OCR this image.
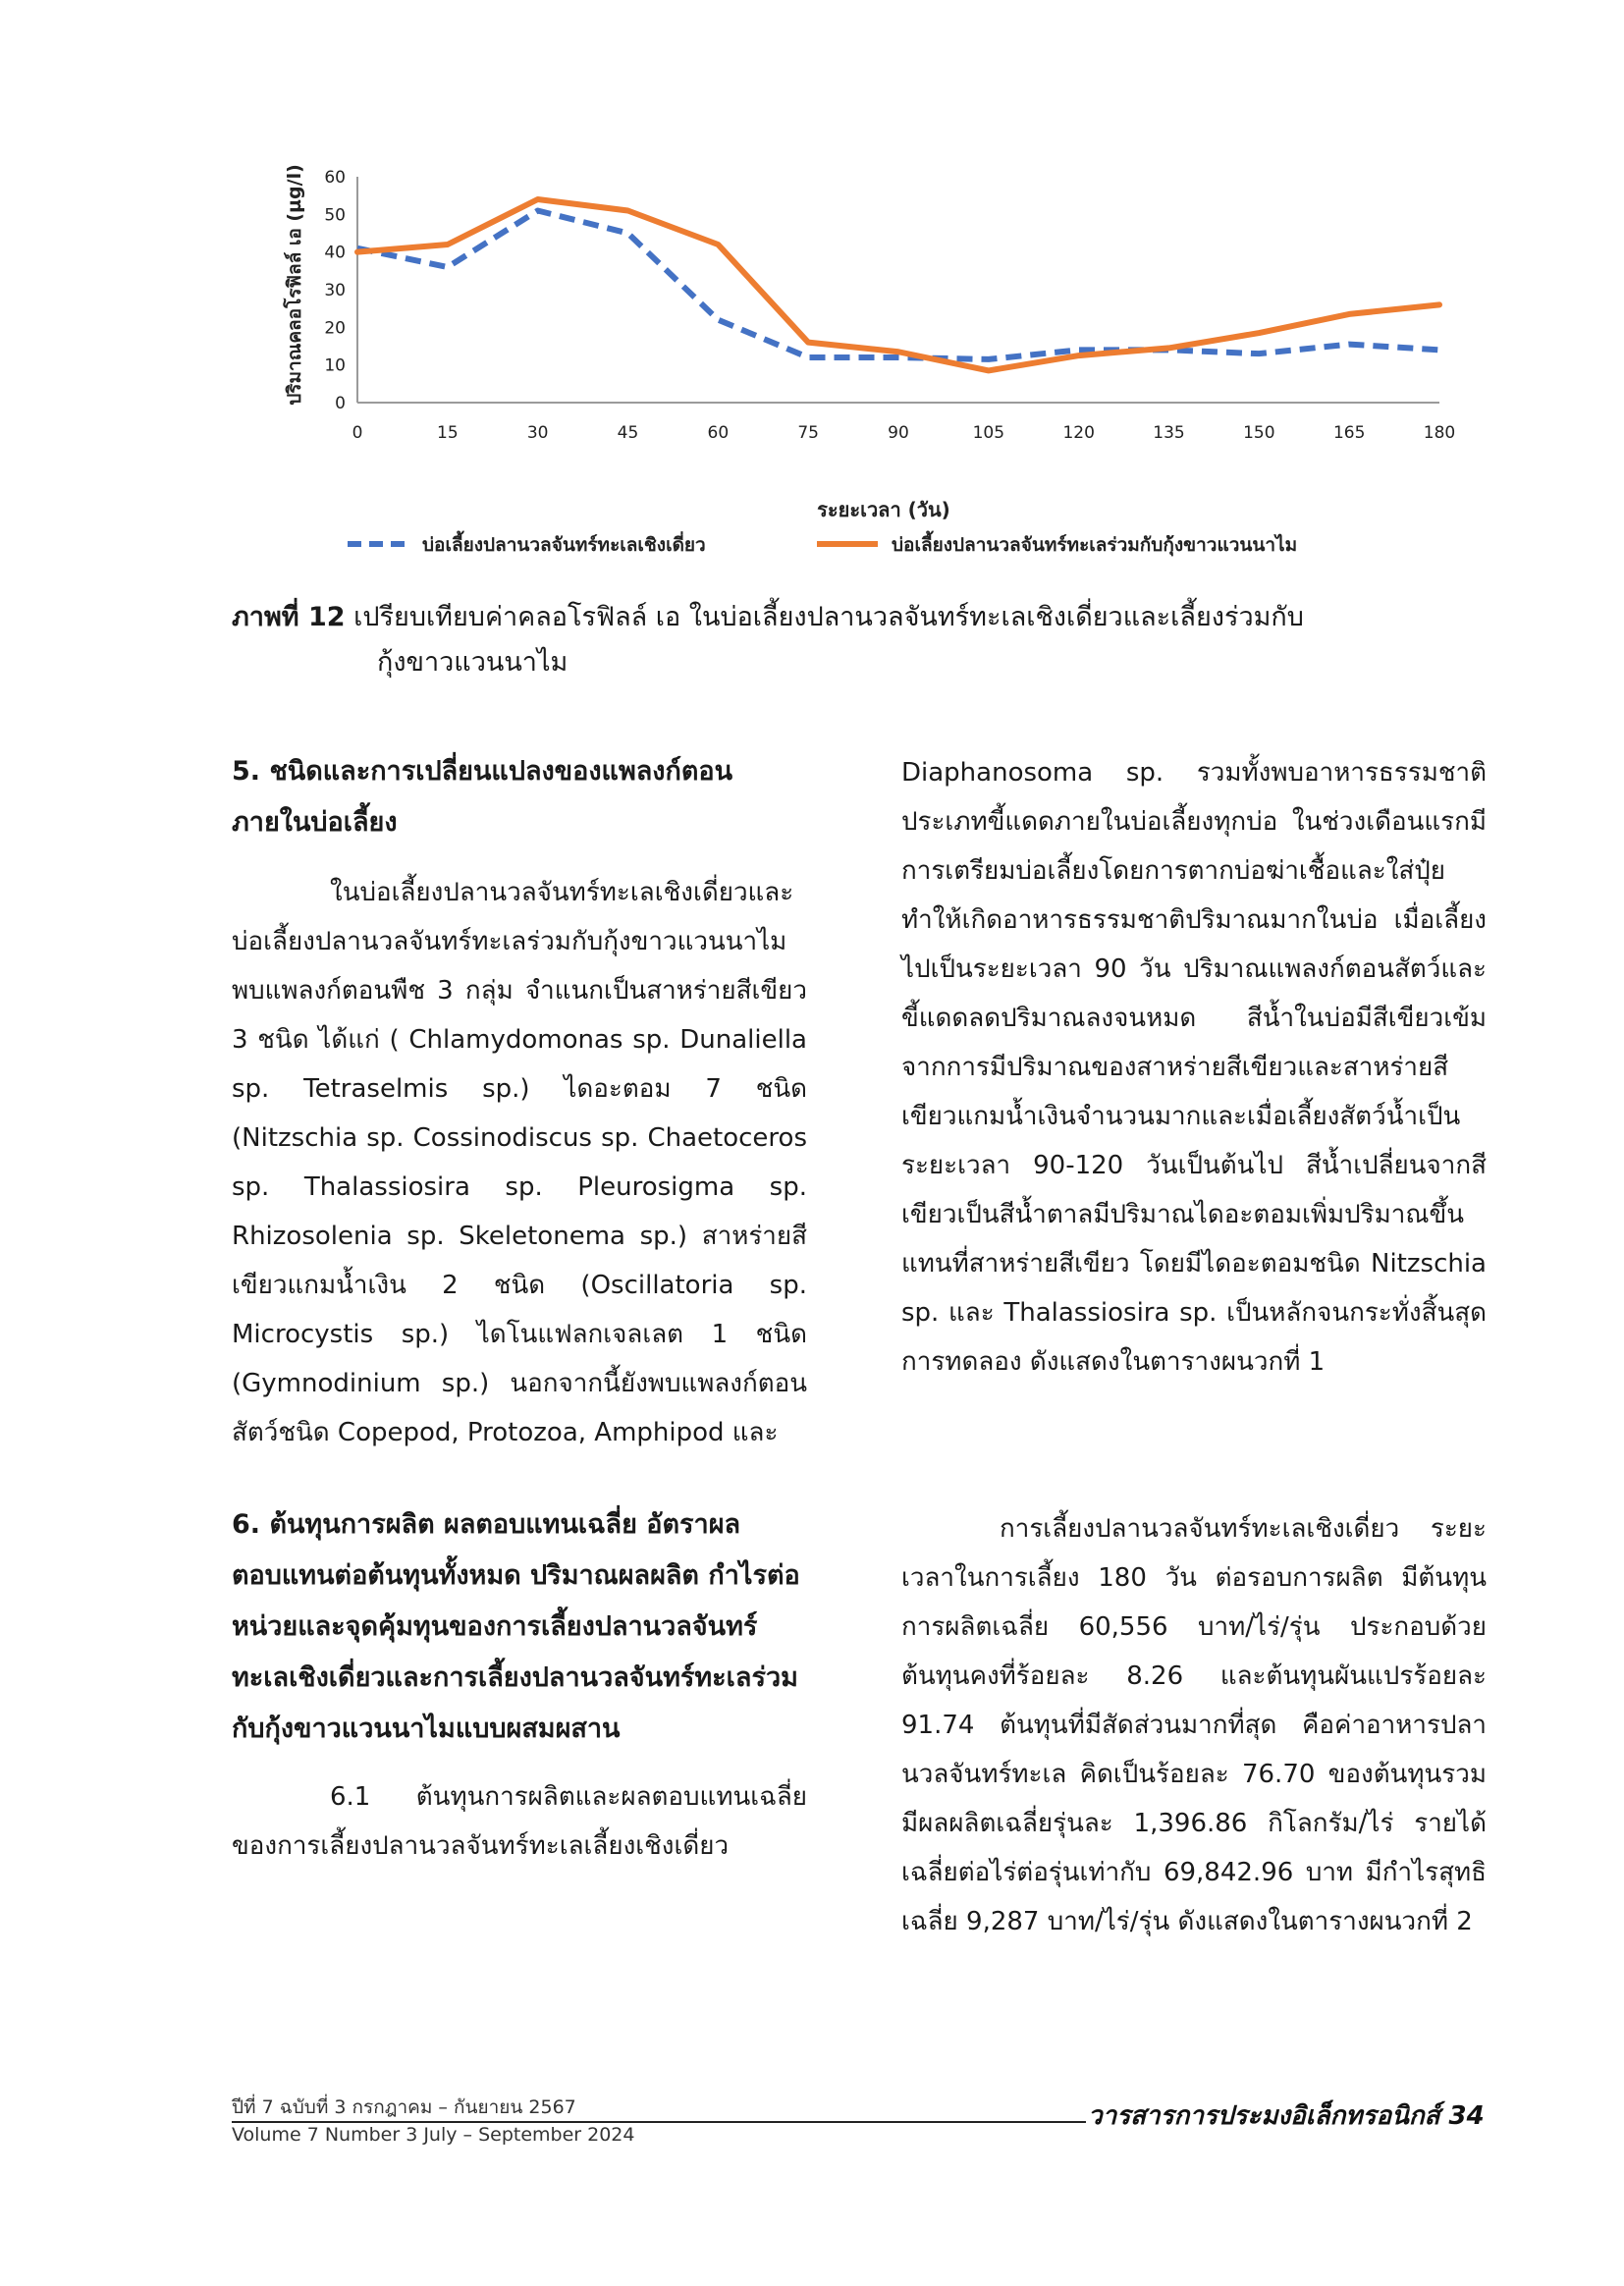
0
10
20
30
40
50
60
0	15	30	45	60	75	90	105	120	135	150	165	180
ปริมาณคลอโรฟิลล์ เอ (µg/l)
ระยะเวลา (วัน)
บ่อเลี้ยงปลานวลจันทร์ทะเลเชิงเดี่ยว	บ่อเลี้ยงปลานวลจันทร์ทะเลร่วมกับกุ้งขาวแวนนาไม
ภาพที่ 12 เปรียบเทียบค่าคลอโรฟิลล์ เอ ในบ่อเลี้ยงปลานวลจันทร์ทะเลเชิงเดี่ยวและเลี้ยงร่วมกับ
กุ้งขาวแวนนาไม
5. ชนิดและการเปลี่ยนแปลงของแพลงก์ตอนภายในบ่อเลี้ยง

ในบ่อเลี้ยงปลานวลจันทร์ทะเลเชิงเดี่ยวและบ่อเลี้ยงปลานวลจันทร์ทะเลร่วมกับกุ้งขาวแวนนาไมพบแพลงก์ตอนพืช 3 กลุ่ม จำแนกเป็นสาหร่ายสีเขียว 3 ชนิด ได้แก่ ( Chlamydomonas sp. Dunaliella sp. Tetraselmis sp.) ไดอะตอม 7 ชนิด (Nitzschia sp. Cossinodiscus sp. Chaetoceros sp. Thalassiosira sp. Pleurosigma sp. Rhizosolenia sp. Skeletonema sp.) สาหร่ายสีเขียวแกมน้ำเงิน 2 ชนิด (Oscillatoria sp. Microcystis sp.) ไดโนแฟลกเจลเลต 1 ชนิด (Gymnodinium sp.) นอกจากนี้ยังพบแพลงก์ตอนสัตว์ชนิด Copepod, Protozoa, Amphipod และ

Diaphanosoma sp. รวมทั้งพบอาหารธรรมชาติประเภทขี้แดดภายในบ่อเลี้ยงทุกบ่อ ในช่วงเดือนแรกมีการเตรียมบ่อเลี้ยงโดยการตากบ่อฆ่าเชื้อและใส่ปุ๋ย ทำให้เกิดอาหารธรรมชาติปริมาณมากในบ่อ เมื่อเลี้ยงไปเป็นระยะเวลา 90 วัน ปริมาณแพลงก์ตอนสัตว์และขี้แดดลดปริมาณลงจนหมด สีน้ำในบ่อมีสีเขียวเข้มจากการมีปริมาณของสาหร่ายสีเขียวและสาหร่ายสีเขียวแกมน้ำเงินจำนวนมากและเมื่อเลี้ยงสัตว์น้ำเป็นระยะเวลา 90-120 วันเป็นต้นไป สีน้ำเปลี่ยนจากสีเขียวเป็นสีน้ำตาลมีปริมาณไดอะตอมเพิ่มปริมาณขึ้นแทนที่สาหร่ายสีเขียว โดยมีไดอะตอมชนิด Nitzschia sp. และ Thalassiosira sp. เป็นหลักจนกระทั่งสิ้นสุดการทดลอง ดังแสดงในตารางผนวกที่ 1

6. ต้นทุนการผลิต ผลตอบแทนเฉลี่ย อัตราผลตอบแทนต่อต้นทุนทั้งหมด ปริมาณผลผลิต กำไรต่อหน่วยและจุดคุ้มทุนของการเลี้ยงปลานวลจันทร์ทะเลเชิงเดี่ยวและการเลี้ยงปลานวลจันทร์ทะเลร่วมกับกุ้งขาวแวนนาไมแบบผสมผสาน

6.1 ต้นทุนการผลิตและผลตอบแทนเฉลี่ยของการเลี้ยงปลานวลจันทร์ทะเลเลี้ยงเชิงเดี่ยว

การเลี้ยงปลานวลจันทร์ทะเลเชิงเดี่ยว ระยะเวลาในการเลี้ยง 180 วัน ต่อรอบการผลิต มีต้นทุนการผลิตเฉลี่ย 60,556 บาท/ไร่/รุ่น ประกอบด้วยต้นทุนคงที่ร้อยละ 8.26 และต้นทุนผันแปรร้อยละ 91.74 ต้นทุนที่มีสัดส่วนมากที่สุด คือค่าอาหารปลานวลจันทร์ทะเล คิดเป็นร้อยละ 76.70 ของต้นทุนรวม มีผลผลิตเฉลี่ยรุ่นละ 1,396.86 กิโลกรัม/ไร่ รายได้เฉลี่ยต่อไร่ต่อรุ่นเท่ากับ 69,842.96 บาท มีกำไรสุทธิเฉลี่ย 9,287 บาท/ไร่/รุ่น ดังแสดงในตารางผนวกที่ 2

ปีที่ 7 ฉบับที่ 3 กรกฎาคม – กันยายน 2567
Volume 7 Number 3 July – September 2024
วารสารการประมงอิเล็กทรอนิกส์ 34
